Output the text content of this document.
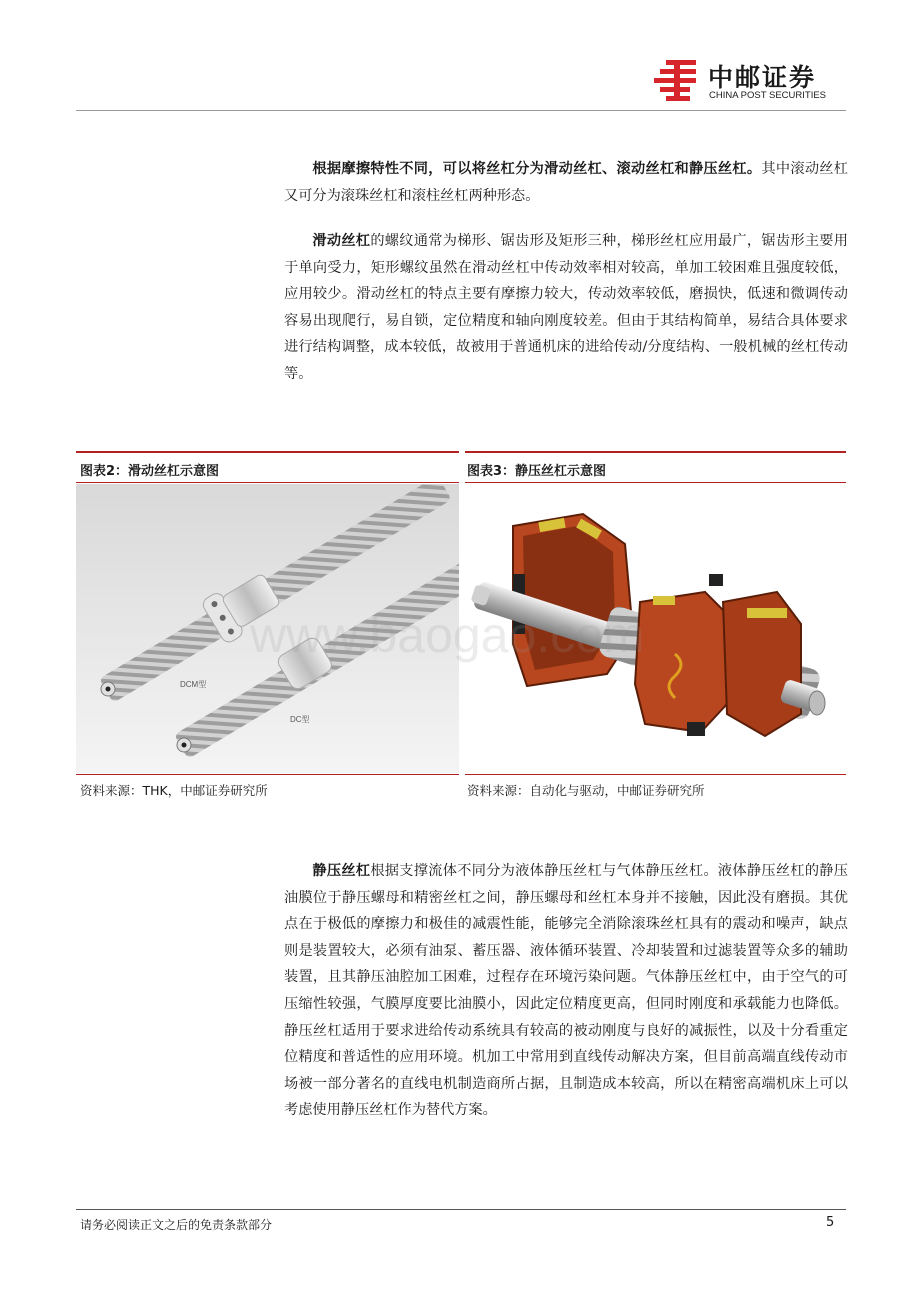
中邮证券
CHINA POST SECURITIES

根据摩擦特性不同，可以将丝杠分为滑动丝杠、滚动丝杠和静压丝杠。其中滚动丝杠又可分为滚珠丝杠和滚柱丝杠两种形态。

滑动丝杠的螺纹通常为梯形、锯齿形及矩形三种，梯形丝杠应用最广，锯齿形主要用于单向受力，矩形螺纹虽然在滑动丝杠中传动效率相对较高，单加工较困难且强度较低，应用较少。滑动丝杠的特点主要有摩擦力较大，传动效率较低，磨损快，低速和微调传动容易出现爬行，易自锁，定位精度和轴向刚度较差。但由于其结构简单，易结合具体要求进行结构调整，成本较低，故被用于普通机床的进给传动/分度结构、一般机械的丝杠传动等。

图表2：滑动丝杠示意图	图表3：静压丝杠示意图
DCM型
DC型
www.baogao.com
资料来源：THK，中邮证券研究所	资料来源：自动化与驱动，中邮证券研究所

静压丝杠根据支撑流体不同分为液体静压丝杠与气体静压丝杠。液体静压丝杠的静压油膜位于静压螺母和精密丝杠之间，静压螺母和丝杠本身并不接触，因此没有磨损。其优点在于极低的摩擦力和极佳的减震性能，能够完全消除滚珠丝杠具有的震动和噪声，缺点则是装置较大，必须有油泵、蓄压器、液体循环装置、冷却装置和过滤装置等众多的辅助装置，且其静压油腔加工困难，过程存在环境污染问题。气体静压丝杠中，由于空气的可压缩性较强，气膜厚度要比油膜小，因此定位精度更高，但同时刚度和承载能力也降低。静压丝杠适用于要求进给传动系统具有较高的被动刚度与良好的减振性，以及十分看重定位精度和普适性的应用环境。机加工中常用到直线传动解决方案，但目前高端直线传动市场被一部分著名的直线电机制造商所占据，且制造成本较高，所以在精密高端机床上可以考虑使用静压丝杠作为替代方案。

请务必阅读正文之后的免责条款部分	5
